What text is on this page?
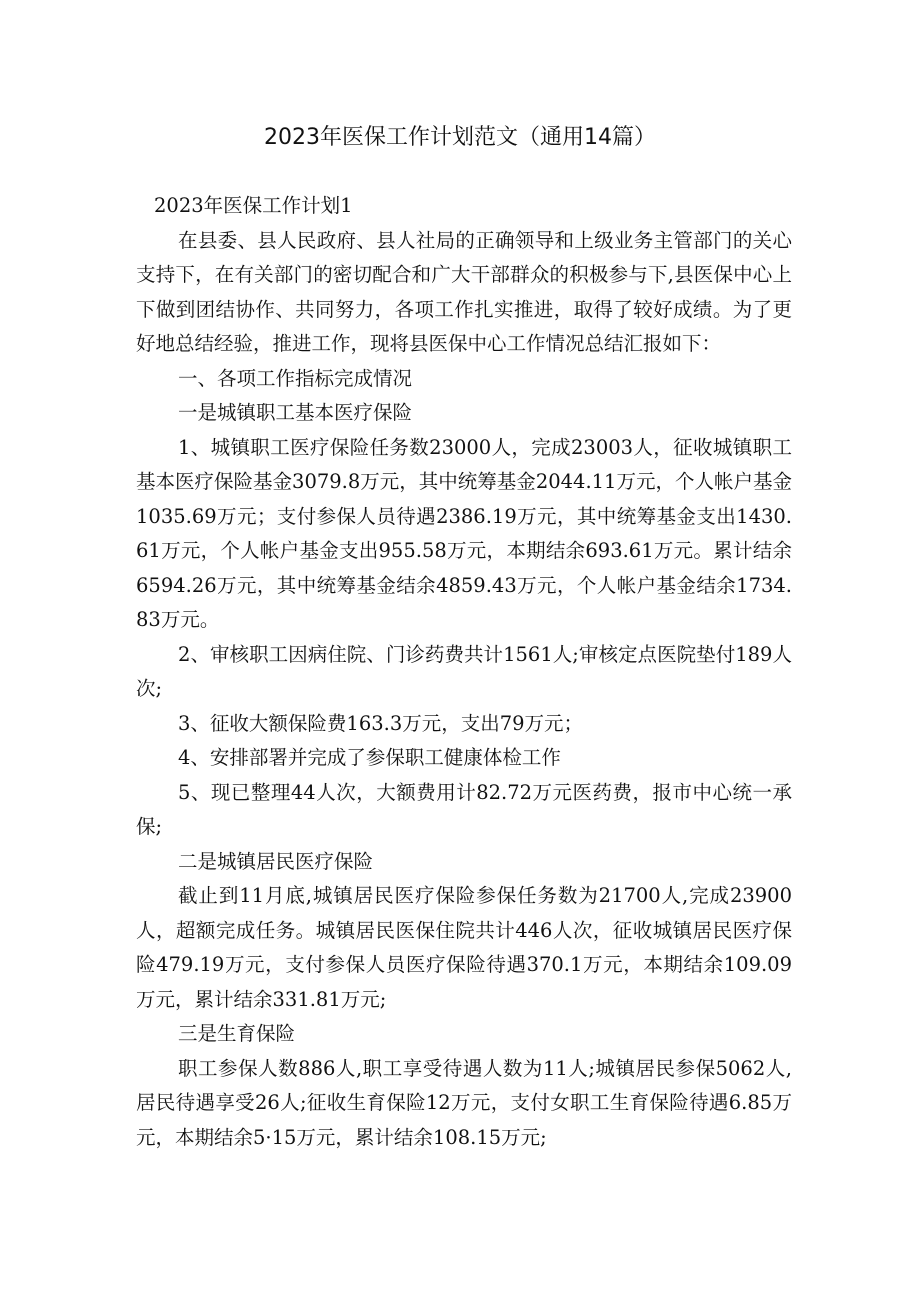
2023年医保工作计划范文（通用14篇）

2023年医保工作计划1

在县委、县人民政府、县人社局的正确领导和上级业务主管部门的关心支持下，在有关部门的密切配合和广大干部群众的积极参与下,县医保中心上下做到团结协作、共同努力，各项工作扎实推进，取得了较好成绩。为了更好地总结经验，推进工作，现将县医保中心工作情况总结汇报如下：

一、各项工作指标完成情况

一是城镇职工基本医疗保险

1、城镇职工医疗保险任务数23000人，完成23003人，征收城镇职工基本医疗保险基金3079.8万元，其中统筹基金2044.11万元，个人帐户基金1035.69万元；支付参保人员待遇2386.19万元，其中统筹基金支出1430.61万元，个人帐户基金支出955.58万元，本期结余693.61万元。累计结余6594.26万元，其中统筹基金结余4859.43万元，个人帐户基金结余1734.83万元。

2、审核职工因病住院、门诊药费共计1561人;审核定点医院垫付189人次;

3、征收大额保险费163.3万元，支出79万元；

4、安排部署并完成了参保职工健康体检工作

5、现已整理44人次，大额费用计82.72万元医药费，报市中心统一承保;

二是城镇居民医疗保险

截止到11月底,城镇居民医疗保险参保任务数为21700人,完成23900人，超额完成任务。城镇居民医保住院共计446人次，征收城镇居民医疗保险479.19万元，支付参保人员医疗保险待遇370.1万元，本期结余109.09万元，累计结余331.81万元;

三是生育保险

职工参保人数886人,职工享受待遇人数为11人;城镇居民参保5062人,居民待遇享受26人;征收生育保险12万元，支付女职工生育保险待遇6.85万元，本期结余5·15万元，累计结余108.15万元;
